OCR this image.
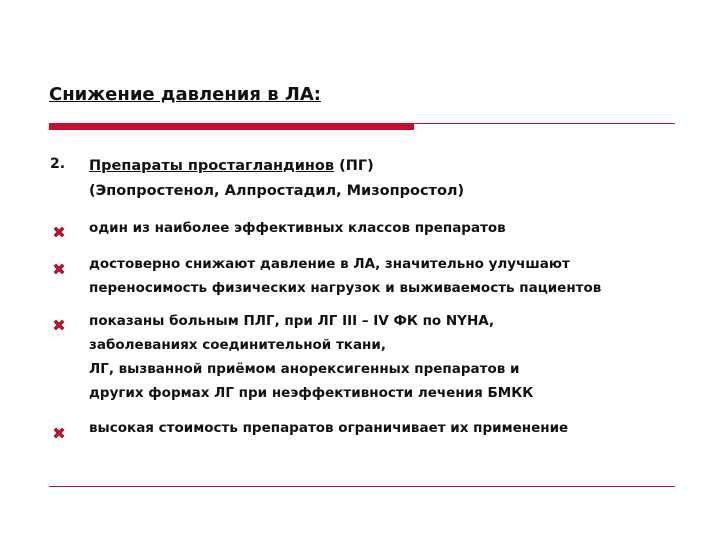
Снижение давления в ЛА:
2. Препараты простагландинов (ПГ)
(Эпопростенол, Алпростадил, Мизопростол)
один из наиболее эффективных классов препаратов
достоверно снижают давление в ЛА, значительно улучшают
переносимость физических нагрузок и выживаемость пациентов
показаны больным ПЛГ, при ЛГ III – IV ФК по NYHA,
заболеваниях соединительной ткани,
ЛГ, вызванной приёмом анорексигенных препаратов и
других формах ЛГ при неэффективности лечения БМКК
высокая стоимость препаратов ограничивает их применение
